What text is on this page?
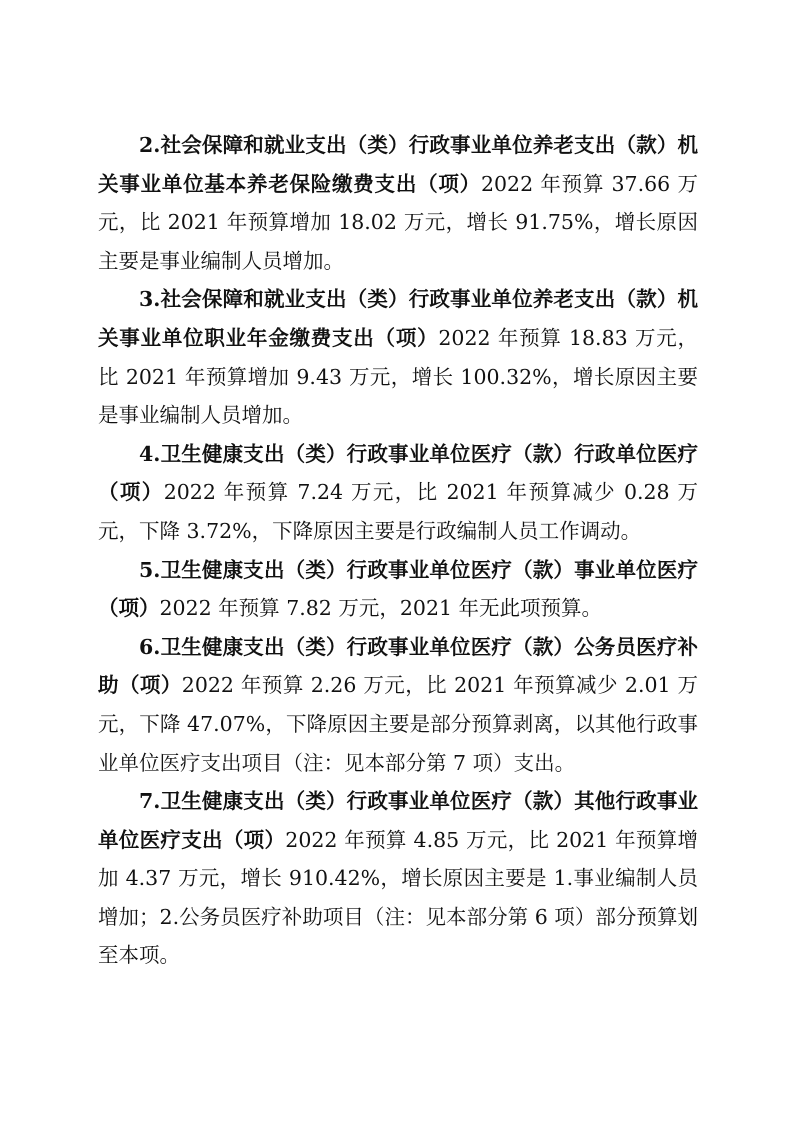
2.社会保障和就业支出（类）行政事业单位养老支出（款）机关事业单位基本养老保险缴费支出（项）2022 年预算 37.66 万元，比 2021 年预算增加 18.02 万元，增长 91.75%，增长原因主要是事业编制人员增加。

3.社会保障和就业支出（类）行政事业单位养老支出（款）机关事业单位职业年金缴费支出（项）2022 年预算 18.83 万元，比 2021 年预算增加 9.43 万元，增长 100.32%，增长原因主要是事业编制人员增加。

4.卫生健康支出（类）行政事业单位医疗（款）行政单位医疗（项）2022 年预算 7.24 万元，比 2021 年预算减少 0.28 万元，下降 3.72%，下降原因主要是行政编制人员工作调动。

5.卫生健康支出（类）行政事业单位医疗（款）事业单位医疗（项）2022 年预算 7.82 万元，2021 年无此项预算。

6.卫生健康支出（类）行政事业单位医疗（款）公务员医疗补助（项）2022 年预算 2.26 万元，比 2021 年预算减少 2.01 万元，下降 47.07%，下降原因主要是部分预算剥离，以其他行政事业单位医疗支出项目（注：见本部分第 7 项）支出。

7.卫生健康支出（类）行政事业单位医疗（款）其他行政事业单位医疗支出（项）2022 年预算 4.85 万元，比 2021 年预算增加 4.37 万元，增长 910.42%，增长原因主要是 1.事业编制人员增加；2.公务员医疗补助项目（注：见本部分第 6 项）部分预算划至本项。
